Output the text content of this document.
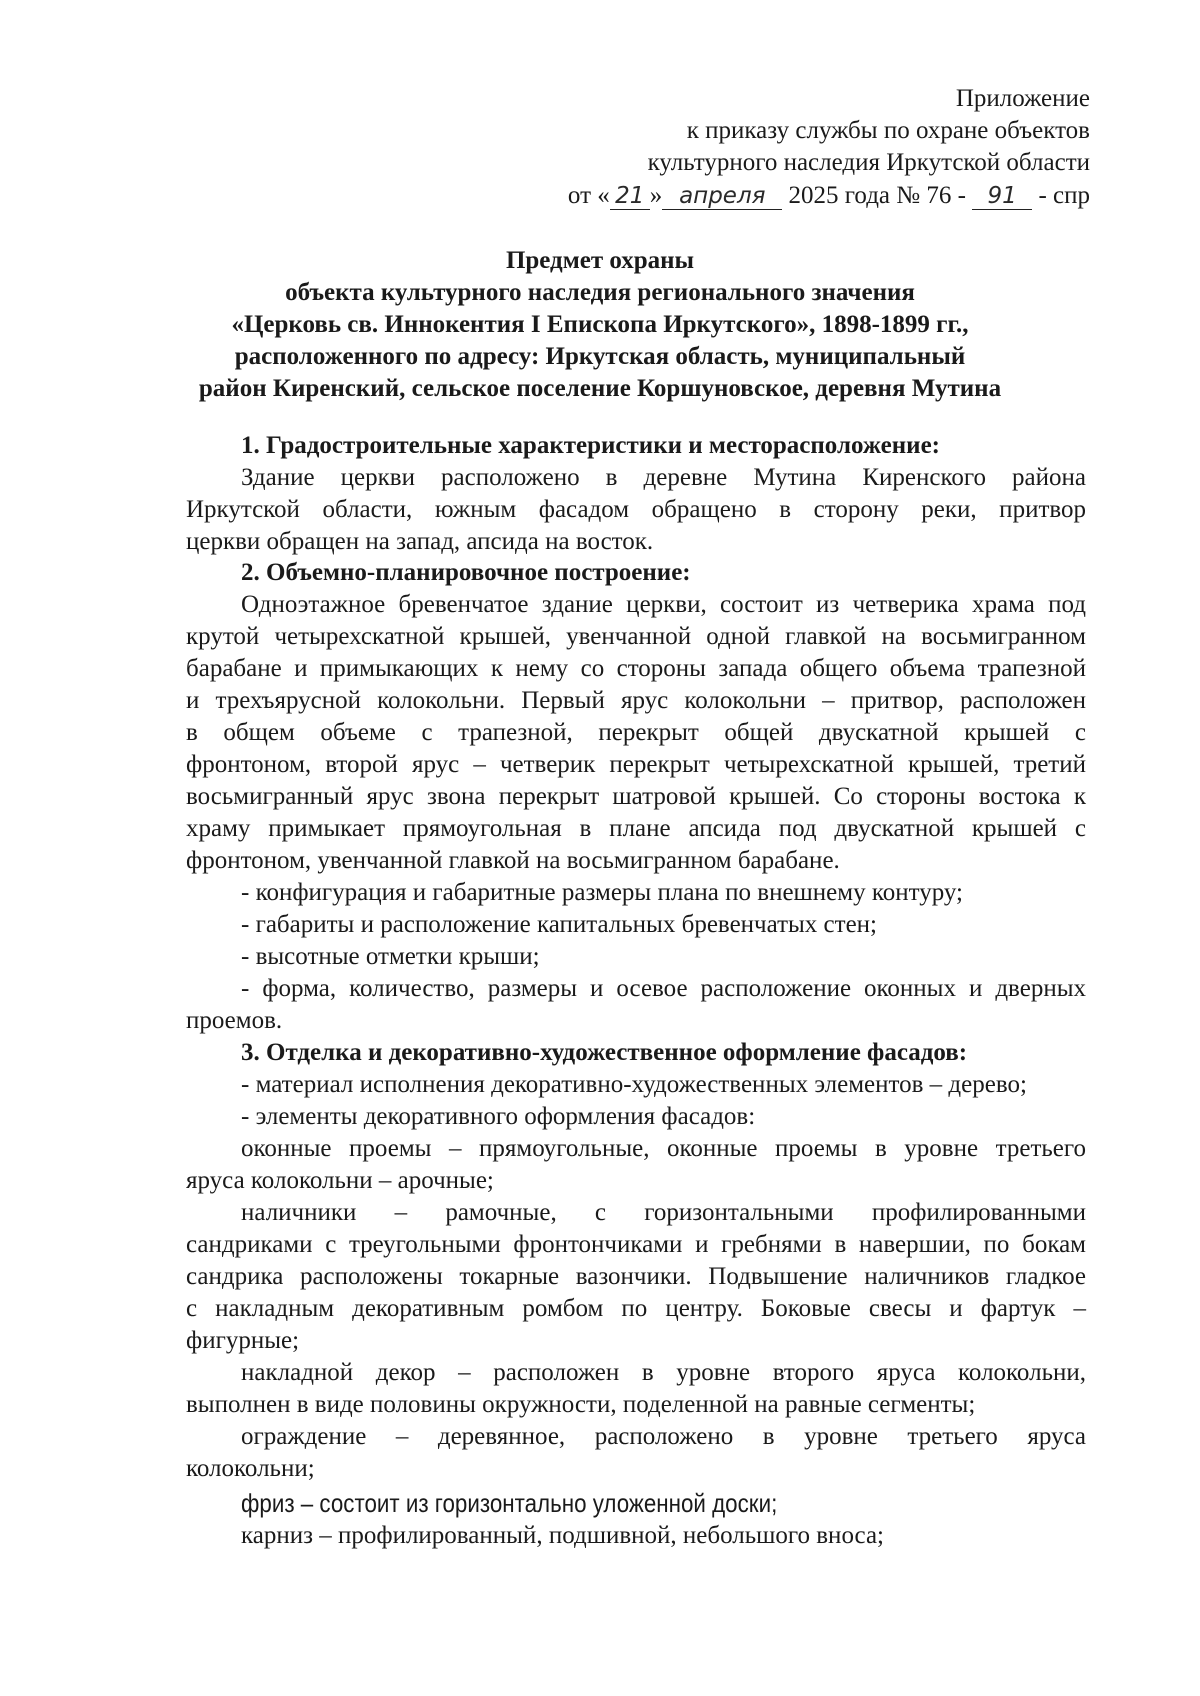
Приложение
к приказу службы по охране объектов
культурного наследия Иркутской области
от « 21 » апреля 2025 года № 76 - 91 - спр
Предмет охраны
объекта культурного наследия регионального значения
«Церковь св. Иннокентия I Епископа Иркутского», 1898-1899 гг.,
расположенного по адресу: Иркутская область, муниципальный
район Киренский, сельское поселение Коршуновское, деревня Мутина
1. Градостроительные характеристики и месторасположение:
Здание церкви расположено в деревне Мутина Киренского района
Иркутской области, южным фасадом обращено в сторону реки, притвор
церкви обращен на запад, апсида на восток.
2. Объемно-планировочное построение:
Одноэтажное бревенчатое здание церкви, состоит из четверика храма под
крутой четырехскатной крышей, увенчанной одной главкой на восьмигранном
барабане и примыкающих к нему со стороны запада общего объема трапезной
и трехъярусной колокольни. Первый ярус колокольни – притвор, расположен
в общем объеме с трапезной, перекрыт общей двускатной крышей с
фронтоном, второй ярус – четверик перекрыт четырехскатной крышей, третий
восьмигранный ярус звона перекрыт шатровой крышей. Со стороны востока к
храму примыкает прямоугольная в плане апсида под двускатной крышей с
фронтоном, увенчанной главкой на восьмигранном барабане.
- конфигурация и габаритные размеры плана по внешнему контуру;
- габариты и расположение капитальных бревенчатых стен;
- высотные отметки крыши;
- форма, количество, размеры и осевое расположение оконных и дверных
проемов.
3. Отделка и декоративно-художественное оформление фасадов:
- материал исполнения декоративно-художественных элементов – дерево;
- элементы декоративного оформления фасадов:
оконные проемы – прямоугольные, оконные проемы в уровне третьего
яруса колокольни – арочные;
наличники – рамочные, с горизонтальными профилированными
сандриками с треугольными фронтончиками и гребнями в навершии, по бокам
сандрика расположены токарные вазончики. Подвышение наличников гладкое
с накладным декоративным ромбом по центру. Боковые свесы и фартук –
фигурные;
накладной декор – расположен в уровне второго яруса колокольни,
выполнен в виде половины окружности, поделенной на равные сегменты;
ограждение – деревянное, расположено в уровне третьего яруса
колокольни;
фриз – состоит из горизонтально уложенной доски;
карниз – профилированный, подшивной, небольшого вноса;
